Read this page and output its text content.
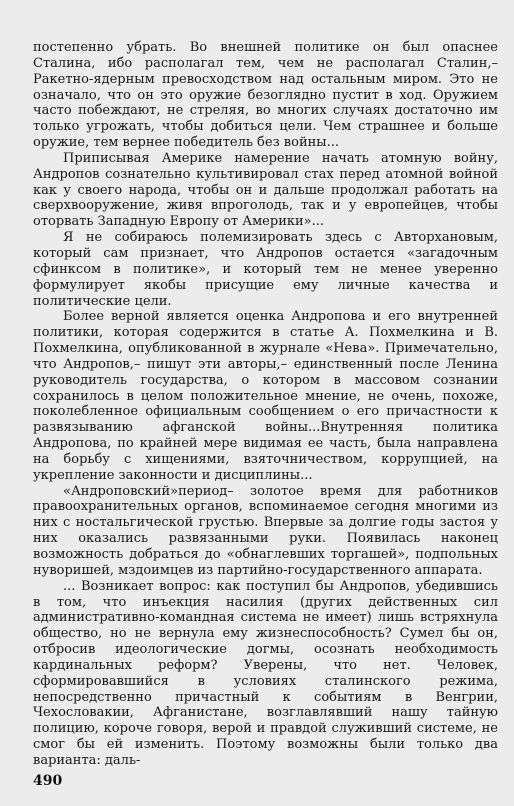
постепенно убрать. Во внешней политике он был опаснее Сталина, ибо располагал тем, чем не располагал Сталин,– Ракетно-ядерным превосходством над остальным миром. Это не означало, что он это оружие безоглядно пустит в ход. Оружием часто побеждают, не стреляя, во многих случаях достаточно им только угрожать, чтобы добиться цели. Чем страшнее и больше оружие, тем вернее победитель без войны...

Приписывая Америке намерение начать атомную войну, Андропов сознательно культивировал стах перед атомной войной как у своего народа, чтобы он и дальше продолжал работать на сверхвооружение, живя впроголодь, так и у европейцев, чтобы оторвать Западную Европу от Америки»...

Я не собираюсь полемизировать здесь с Авторхановым, который сам признает, что Андропов остается «загадочным сфинксом в политике», и который тем не менее уверенно формулирует якобы присущие ему личные качества и политические цели.

Более верной является оценка Андропова и его внутренней политики, которая содержится в статье А. Похмелкина и В. Похмелкина, опубликованной в журнале «Нева». Примечательно, что Андропов,– пишут эти авторы,– единственный после Ленина руководитель государства, о котором в массовом сознании сохранилось в целом положительное мнение, не очень, похоже, поколебленное официальным сообщением о его причастности к развязыванию афганской войны...Внутренняя политика Андропова, по крайней мере видимая ее часть, была направлена на борьбу с хищениями, взяточничеством, коррупцией, на укрепление законности и дисциплины...

«Андроповский»период– золотое время для работников правоохранительных органов, вспоминаемое сегодня многими из них с ностальгической грустью. Впервые за долгие годы застоя у них оказались развязанными руки. Появилась наконец возможность добраться до «обнаглевших торгашей», подпольных нуворишей, мздоимцев из партийно-государственного аппарата.

... Возникает вопрос: как поступил бы Андропов, убедившись в том, что инъекция насилия (других действенных сил административно-командная система не имеет) лишь встряхнула общество, но не вернула ему жизнеспособность? Сумел бы он, отбросив идеологические догмы, осознать необходимость кардинальных реформ? Уверены, что нет. Человек, сформировавшийся в условиях сталинского режима, непосредственно причастный к событиям в Венгрии, Чехословакии, Афганистане, возглавлявший нашу тайную полицию, короче говоря, верой и правдой служивший системе, не смог бы ей изменить. Поэтому возможны были только два варианта: даль-

490
